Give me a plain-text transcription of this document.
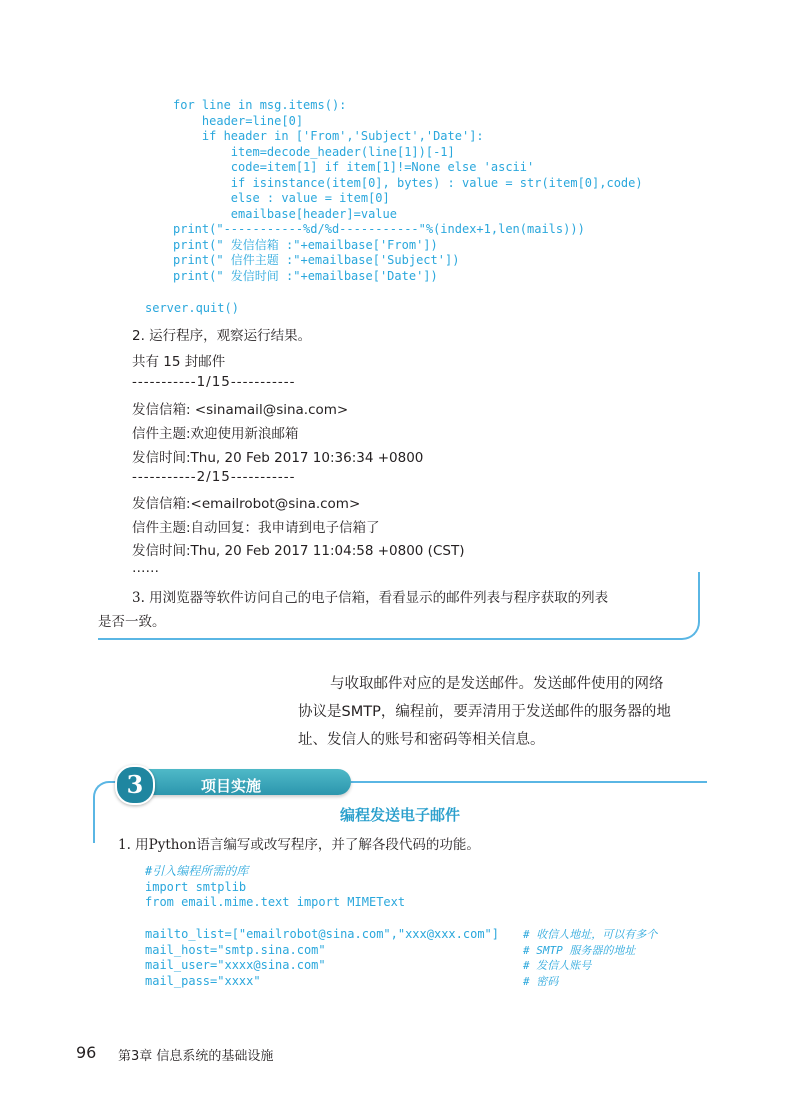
for line in msg.items():
header=line[0]
if header in ['From','Subject','Date']:
item=decode_header(line[1])[-1]
code=item[1] if item[1]!=None else 'ascii'
if isinstance(item[0], bytes) : value = str(item[0],code)
else : value = item[0]
emailbase[header]=value
print("-----------%d/%d-----------"%(index+1,len(mails)))
print(" 发信信箱 :"+emailbase['From'])
print(" 信件主题 :"+emailbase['Subject'])
print(" 发信时间 :"+emailbase['Date'])
server.quit()
2. 运行程序，观察运行结果。
共有 15 封邮件
-----------1/15-----------
发信信箱: <sinamail@sina.com>
信件主题:欢迎使用新浪邮箱
发信时间:Thu, 20 Feb 2017 10:36:34 +0800
-----------2/15-----------
发信信箱:<emailrobot@sina.com>
信件主题:自动回复：我申请到电子信箱了
发信时间:Thu, 20 Feb 2017 11:04:58 +0800 (CST)
……
3. 用浏览器等软件访问自己的电子信箱，看看显示的邮件列表与程序获取的列表
是否一致。
与收取邮件对应的是发送邮件。发送邮件使用的网络
协议是SMTP，编程前，要弄清用于发送邮件的服务器的地
址、发信人的账号和密码等相关信息。
项目实施
3
编程发送电子邮件
1. 用Python语言编写或改写程序，并了解各段代码的功能。
#引入编程所需的库
import smtplib
from email.mime.text import MIMEText
mailto_list=["emailrobot@sina.com","xxx@xxx.com"]
mail_host="smtp.sina.com"
mail_user="xxxx@sina.com"
mail_pass="xxxx"
# 收信人地址，可以有多个
# SMTP 服务器的地址
# 发信人账号
# 密码
96 第3章 信息系统的基础设施
